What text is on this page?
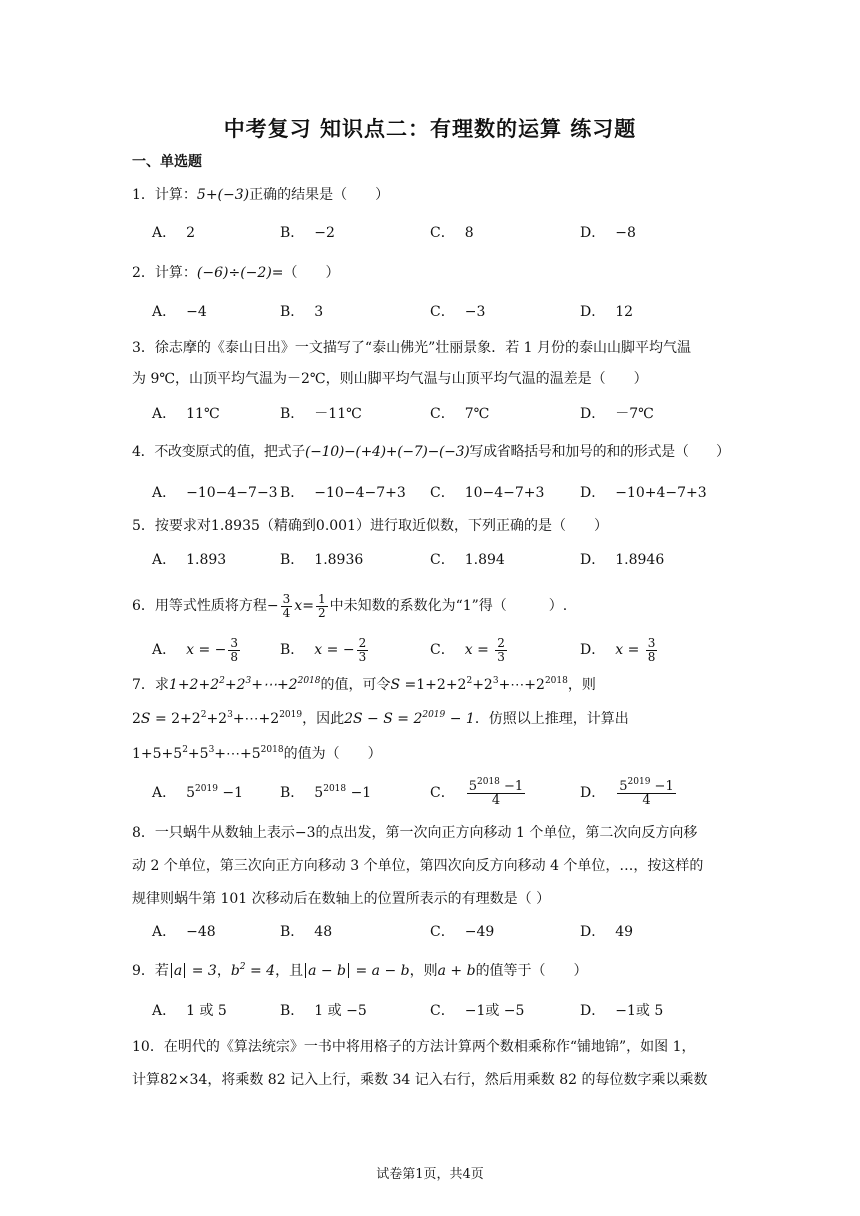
中考复习 知识点二：有理数的运算 练习题
一、单选题
1．计算：5+(−3)正确的结果是（　　）
A． 2	B． −2	C． 8	D． −8
2．计算：(−6)÷(−2)=（　　）
A． −4	B． 3	C． −3	D． 12
3．徐志摩的《泰山日出》一文描写了“泰山佛光”壮丽景象．若 1 月份的泰山山脚平均气温
为 9℃，山顶平均气温为－2℃，则山脚平均气温与山顶平均气温的温差是（　　）
A． 11℃	B． －11℃	C． 7℃	D． －7℃
4．不改变原式的值，把式子(−10)−(+4)+(−7)−(−3)写成省略括号和加号的和的形式是（　　）
A． −10−4−7−3 B． −10−4−7+3 C． 10−4−7+3	D． −10+4−7+3
5．按要求对1.8935（精确到0.001）进行取近似数，下列正确的是（　　）
A． 1.893	B． 1.8936	C． 1.894	D． 1.8946
6．用等式性质将方程− $\frac{3}{4} x= \frac{1}{2}$ 中未知数的系数化为“1”得（　　　）.
A． x = − $\frac{3}{8}$	B． x = − $\frac{2}{3}$	C． $x = \frac{2}{3}$	D． $x = \frac{3}{8}$
7．求$1+2+2^2+2^3+\cdots+2^{2018}$的值，可令$S =1+2+2^2+2^3+\cdots+2^{2018}$，则
$2S = 2+2^2+2^3+\cdots+2^{2019}$，因此$2S - S = 2^{2019} - 1$．仿照以上推理，计算出
$1+5+5^2+5^3+\cdots+5^{2018}$的值为（　　）
A． $5^{2019} -1$	B． $5^{2018} -1$	C． $\frac{5^{2018} -1}{4}$	D． $\frac{5^{2019} -1}{4}$
8．一只蜗牛从数轴上表示−3的点出发，第一次向正方向移动 1 个单位，第二次向反方向移
动 2 个单位，第三次向正方向移动 3 个单位，第四次向反方向移动 4 个单位，…，按这样的
规律则蜗牛第 101 次移动后在数轴上的位置所表示的有理数是（ ）
A． −48	B． 48	C． −49	D． 49
9．若 a = 3，$b^2 = 4$，且 a − b = a − b，则a + b的值等于（　　）
A． 1 或 5	B． 1 或 −5	C． −1或 −5	D． −1或 5
10．在明代的《算法统宗》一书中将用格子的方法计算两个数相乘称作“铺地锦”，如图 1，
计算82×34，将乘数 82 记入上行，乘数 34 记入右行，然后用乘数 82 的每位数字乘以乘数
试卷第1页，共4页
